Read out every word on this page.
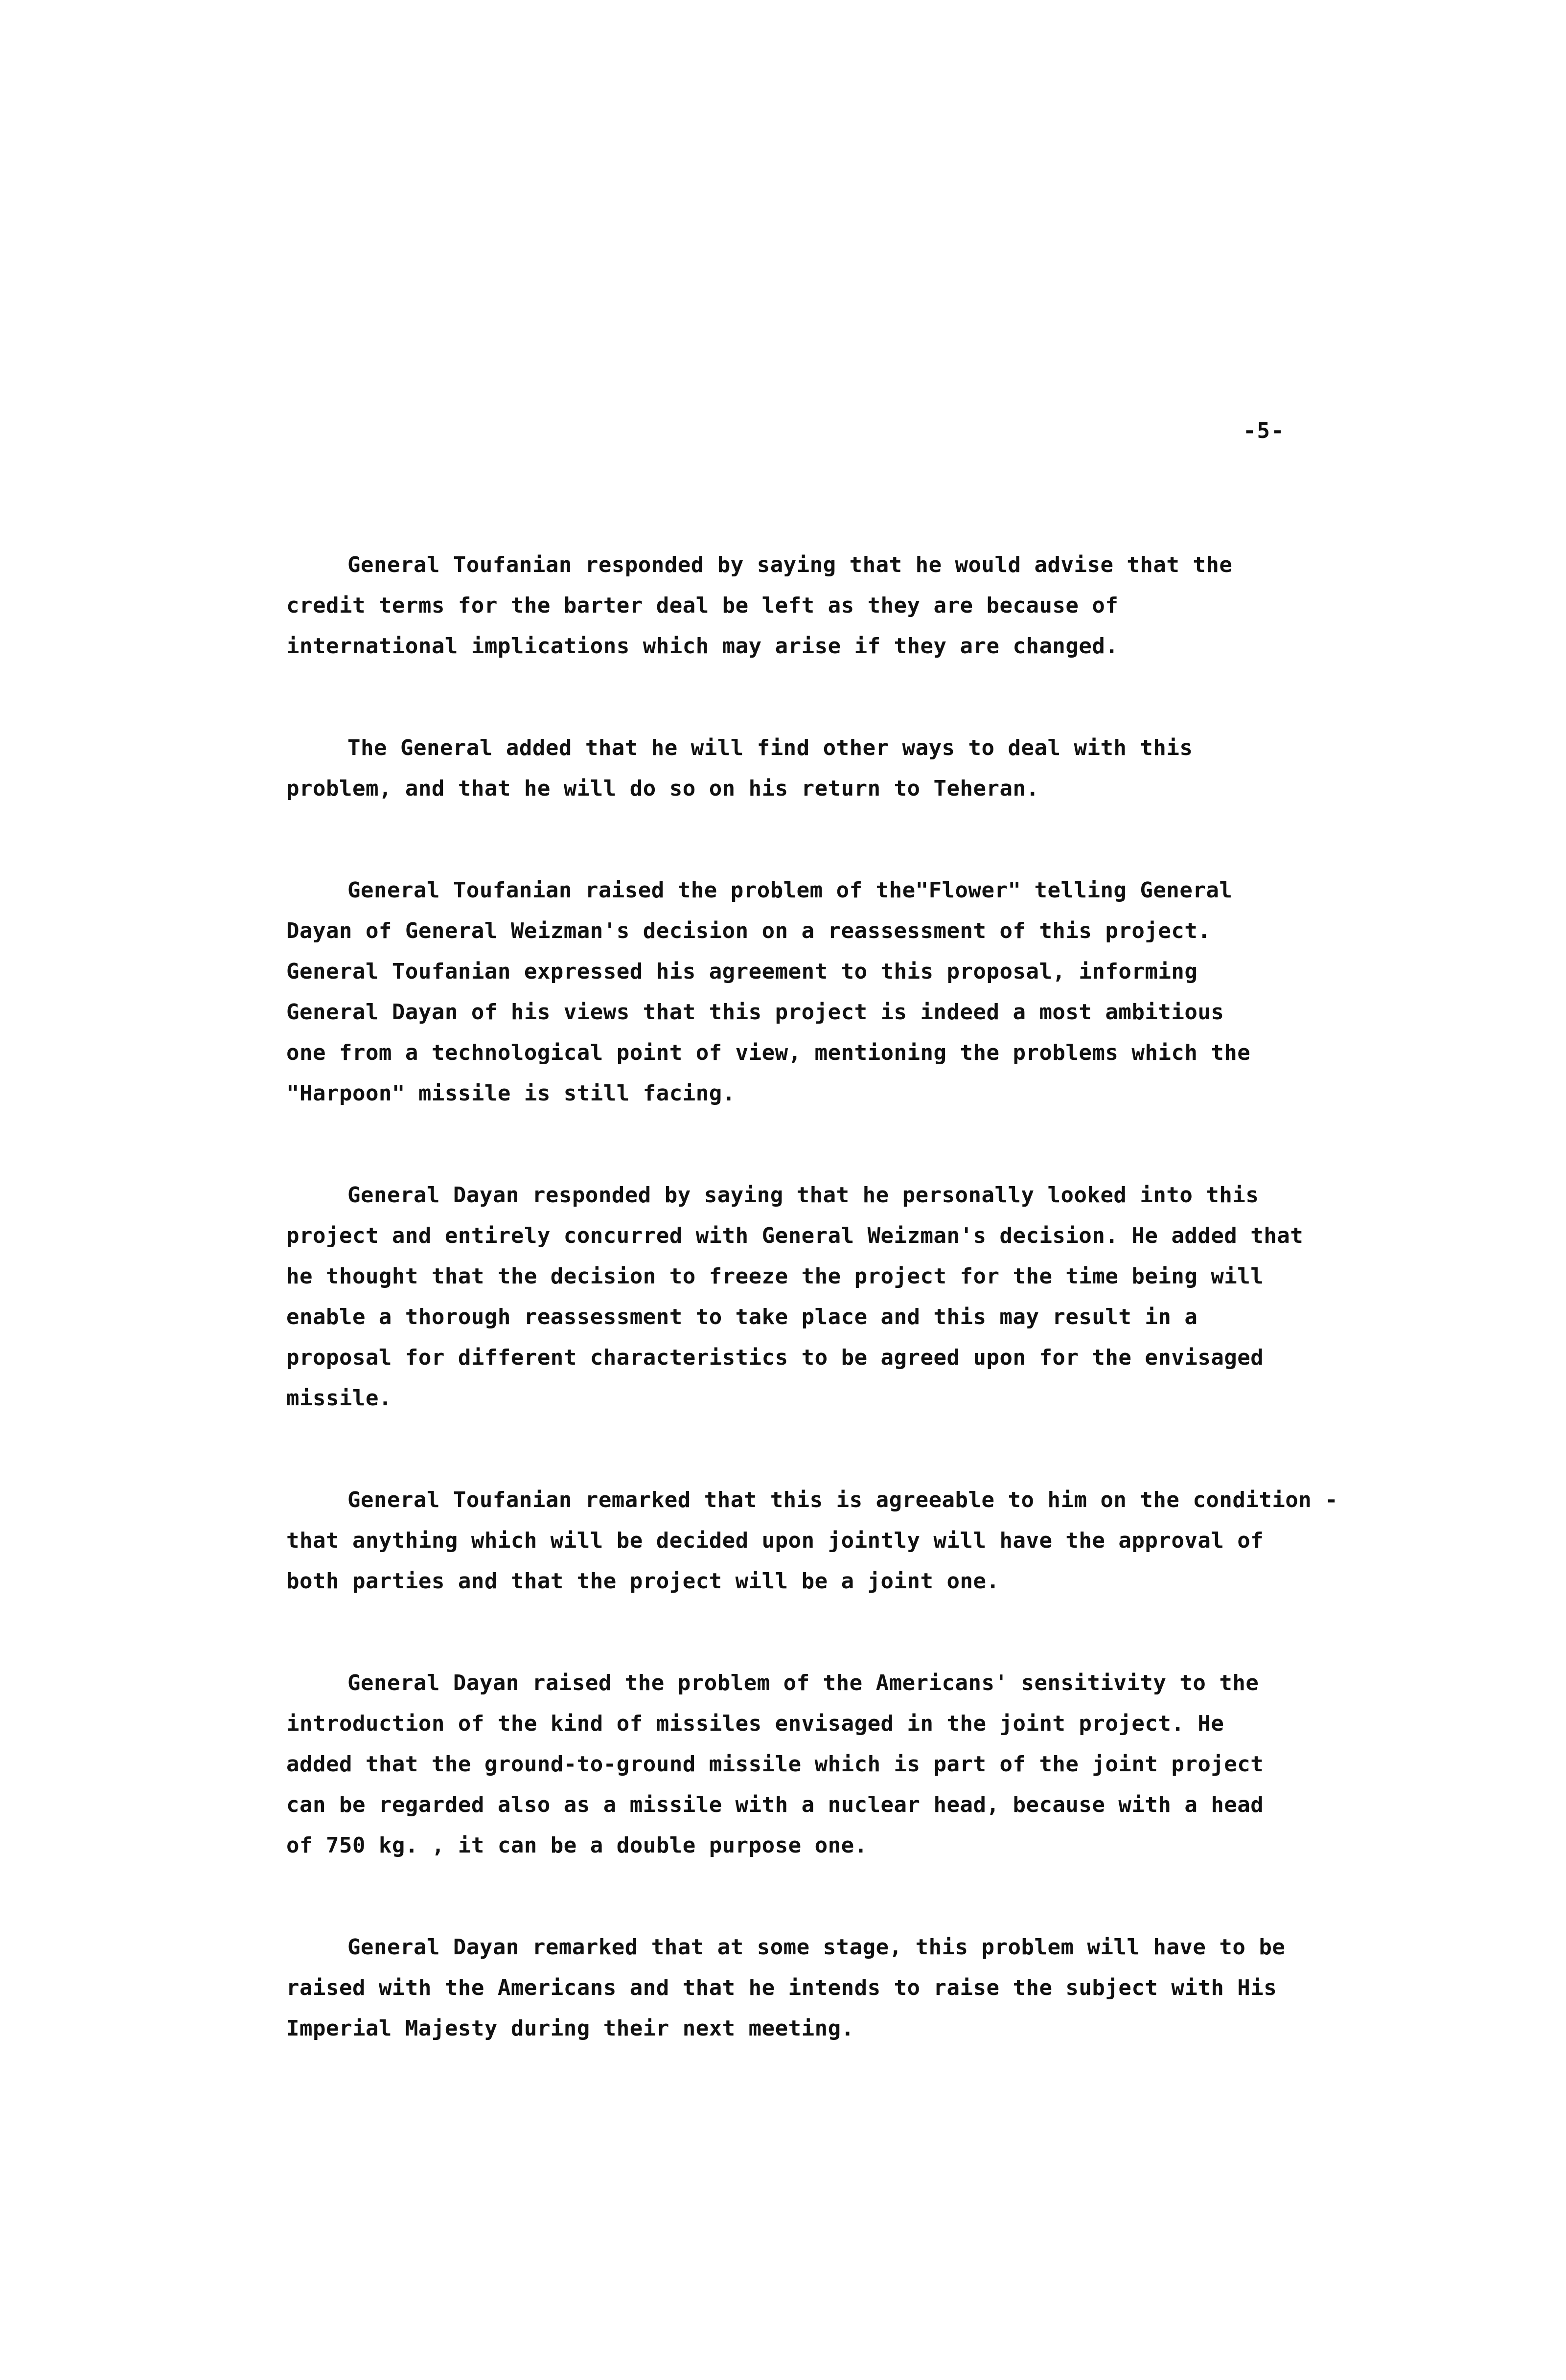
-5-

General Toufanian responded by saying that he would advise that the
credit terms for the barter deal be left as they are because of
international implications which may arise if they are changed.

The General added that he will find other ways to deal with this
problem, and that he will do so on his return to Teheran.

General Toufanian raised the problem of the"Flower" telling General
Dayan of General Weizman's decision on a reassessment of this project.
General Toufanian expressed his agreement to this proposal, informing
General Dayan of his views that this project is indeed a most ambitious
one from a technological point of view, mentioning the problems which the
"Harpoon" missile is still facing.

General Dayan responded by saying that he personally looked into this
project and entirely concurred with General Weizman's decision. He added that
he thought that the decision to freeze the project for the time being will
enable a thorough reassessment to take place and this may result in a
proposal for different characteristics to be agreed upon for the envisaged
missile.

General Toufanian remarked that this is agreeable to him on the condition -
that anything which will be decided upon jointly will have the approval of
both parties and that the project will be a joint one.

General Dayan raised the problem of the Americans' sensitivity to the
introduction of the kind of missiles envisaged in the joint project. He
added that the ground-to-ground missile which is part of the joint project
can be regarded also as a missile with a nuclear head, because with a head
of 750 kg. , it can be a double purpose one.

General Dayan remarked that at some stage, this problem will have to be
raised with the Americans and that he intends to raise the subject with His
Imperial Majesty during their next meeting.
